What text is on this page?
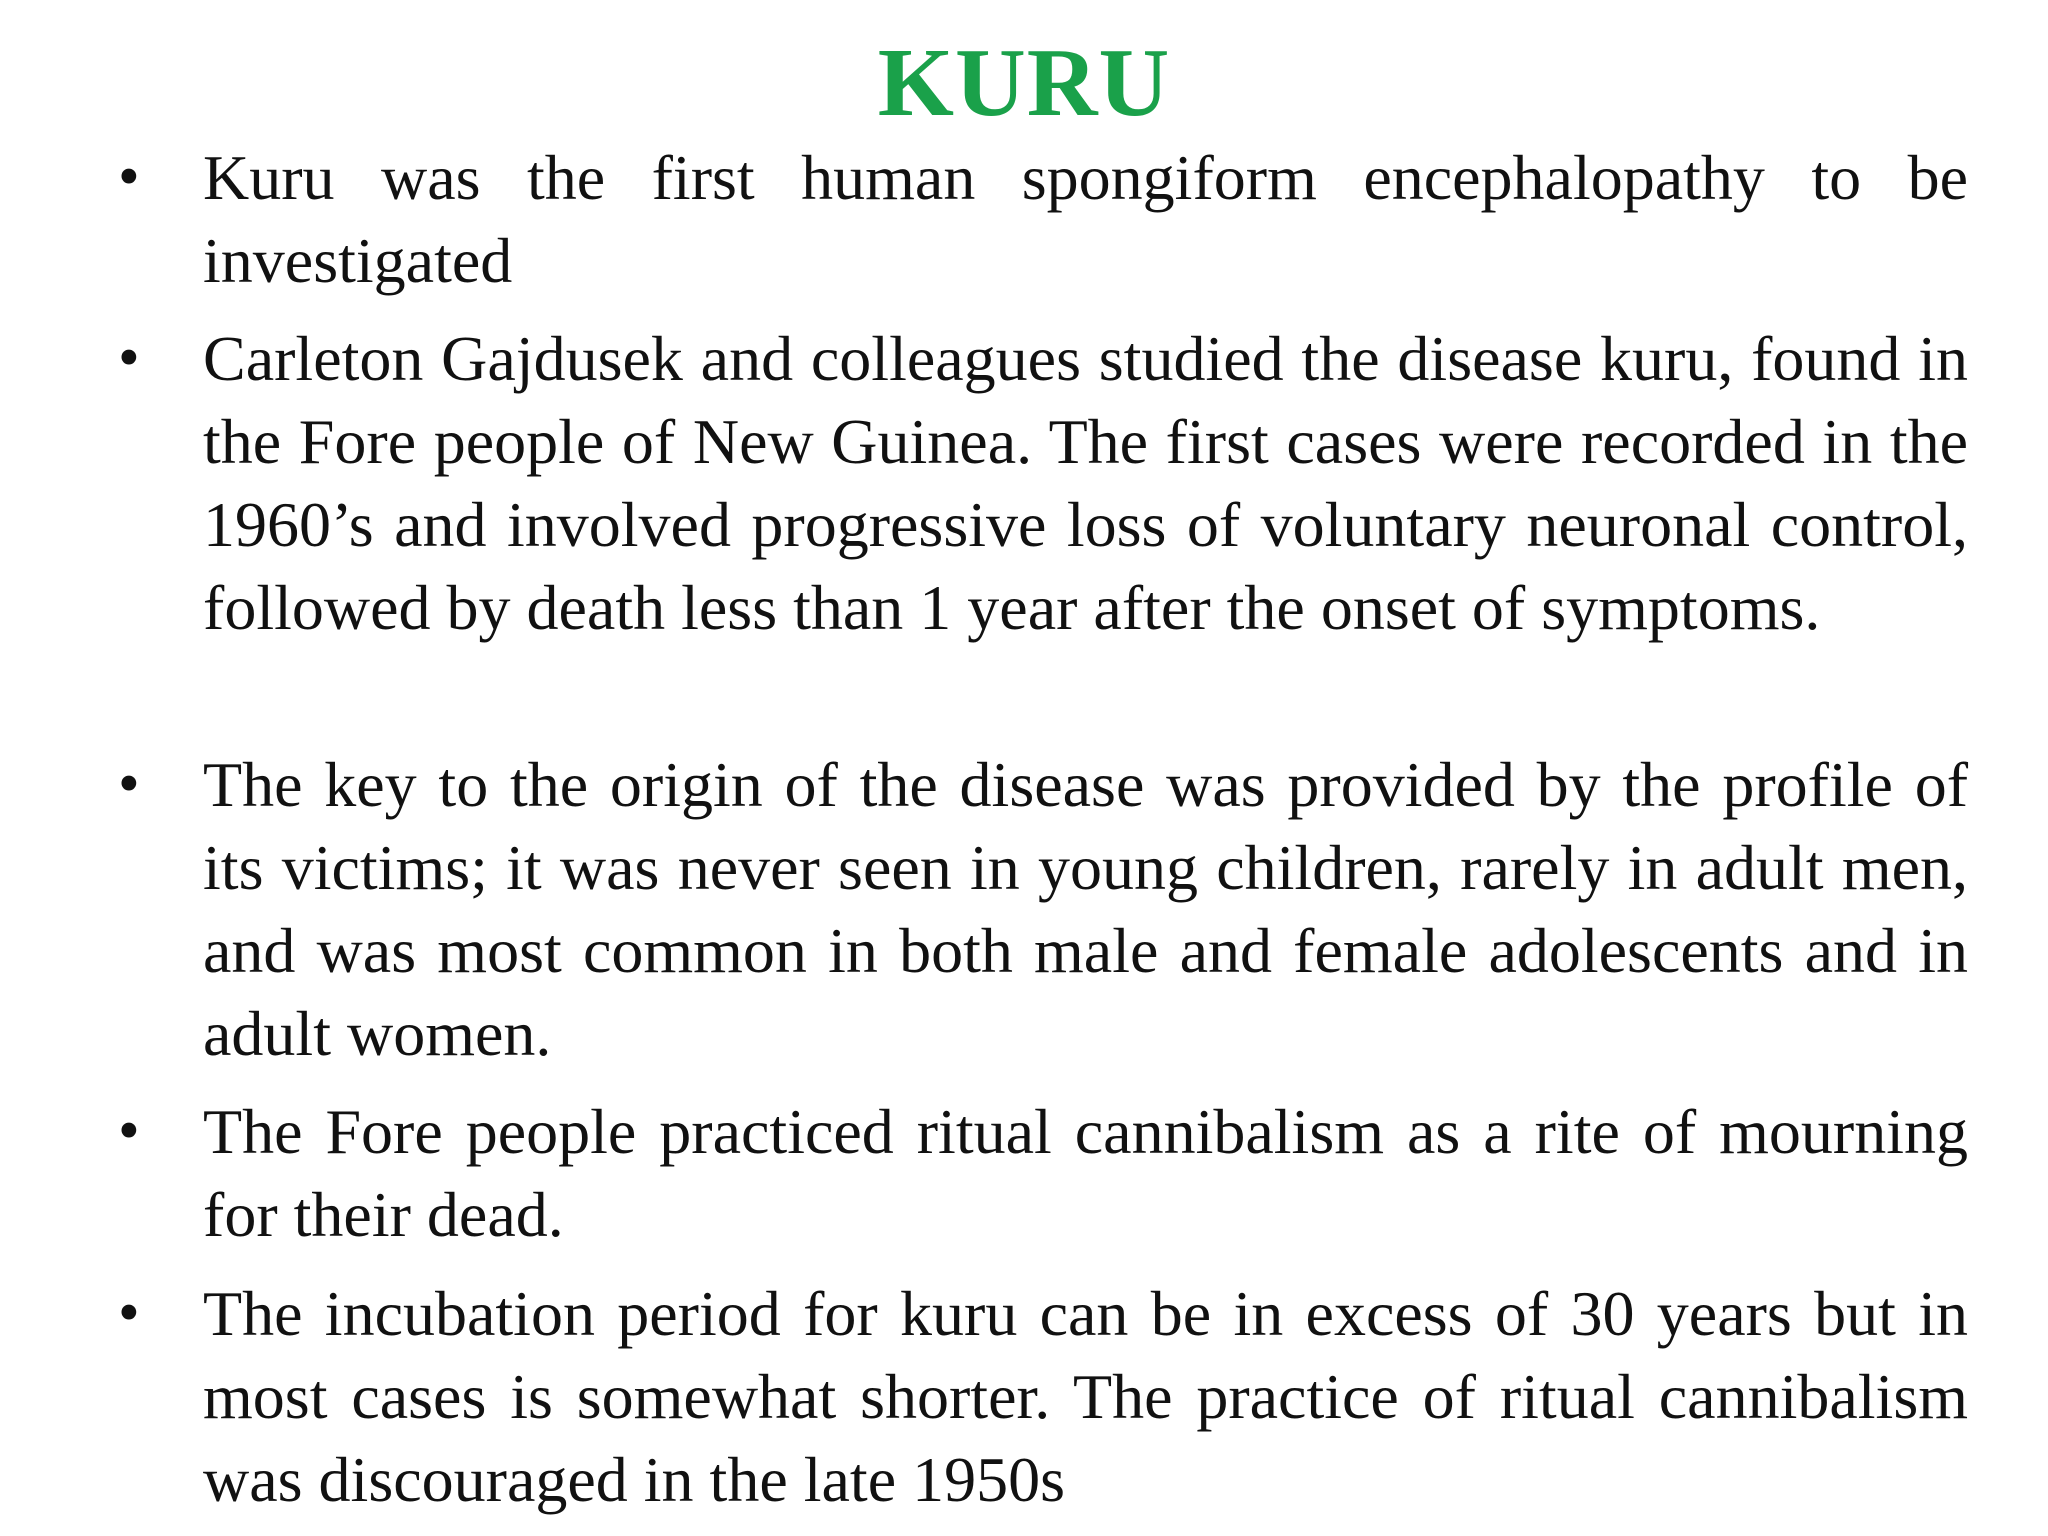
KURU
• Kuru was the first human spongiform encephalopathy to be investigated

• Carleton Gajdusek and colleagues studied the disease kuru, found in the Fore people of New Guinea. The first cases were recorded in the 1960’s and involved progressive loss of voluntary neuronal control, followed by death less than 1 year after the onset of symptoms.

• The key to the origin of the disease was provided by the profile of its victims; it was never seen in young children, rarely in adult men, and was most common in both male and female adolescents and in adult women.

• The Fore people practiced ritual cannibalism as a rite of mourning for their dead.

• The incubation period for kuru can be in excess of 30 years but in most cases is somewhat shorter. The practice of ritual cannibalism was discouraged in the late 1950s
